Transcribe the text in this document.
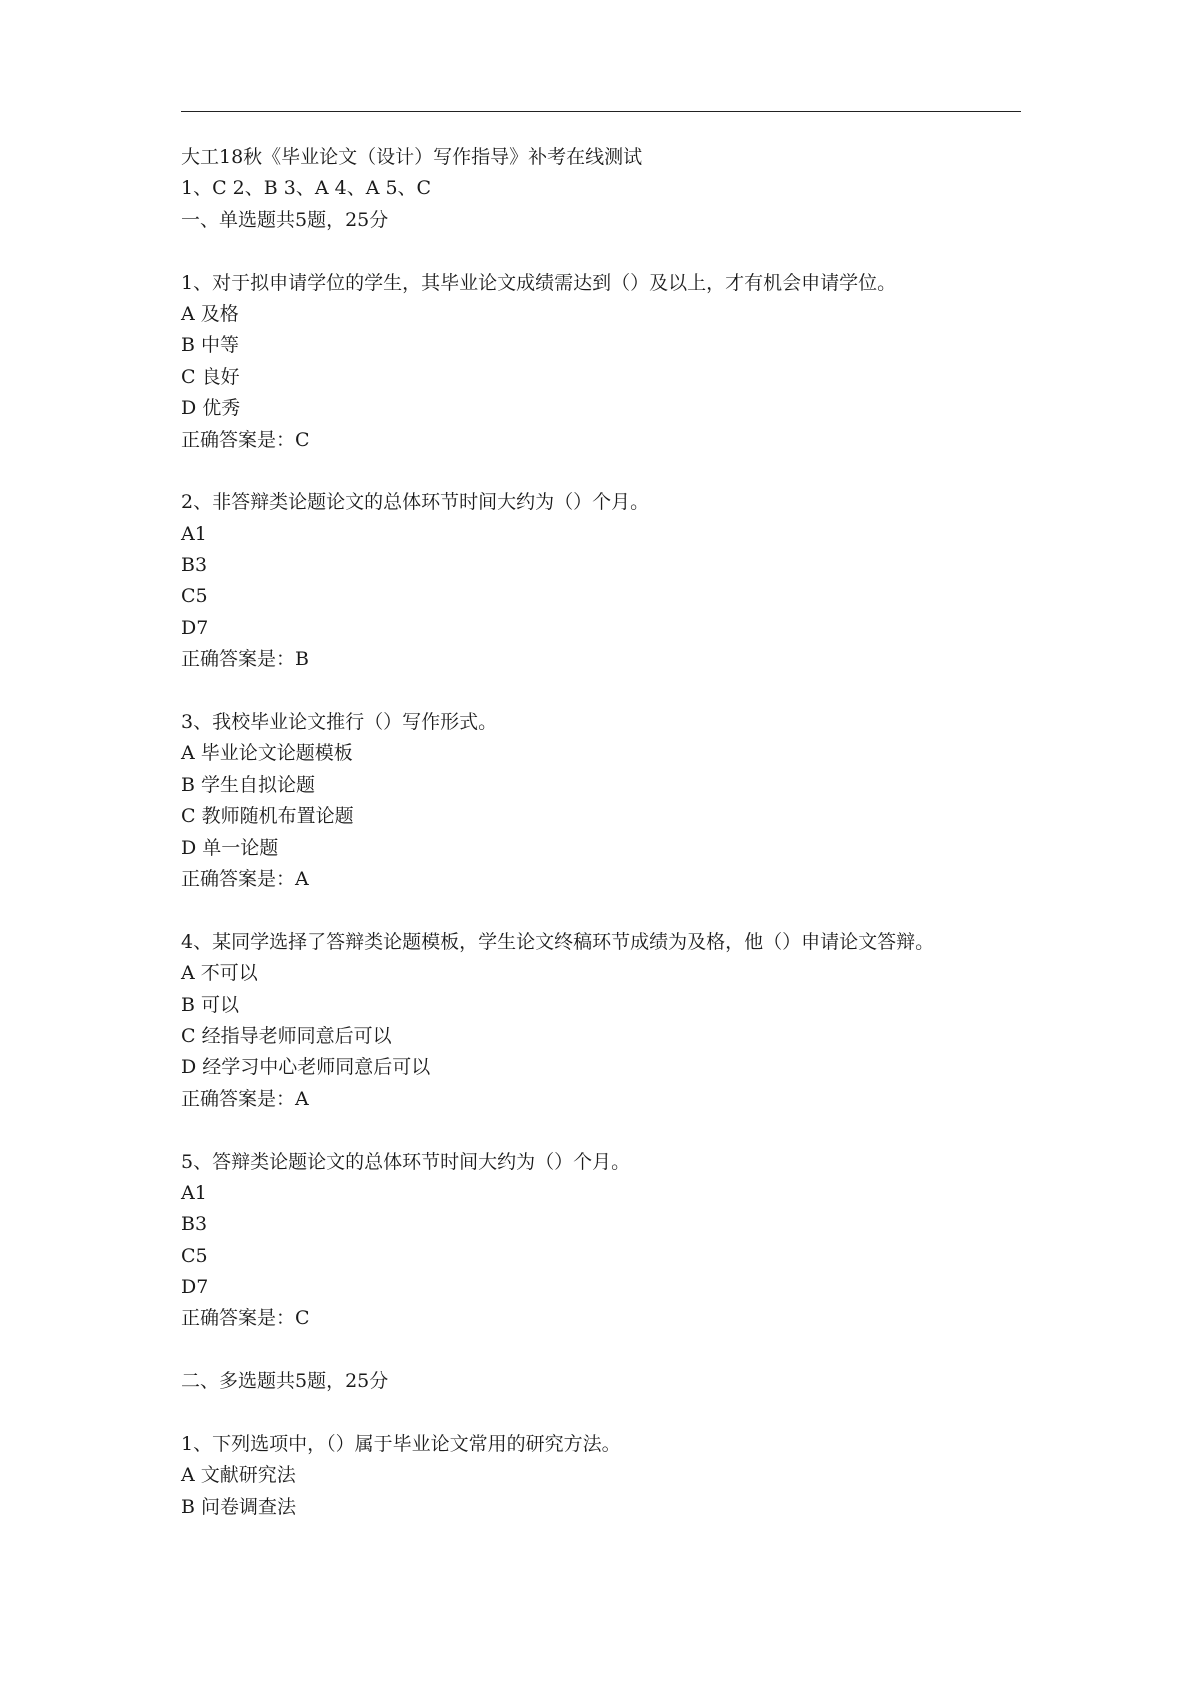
大工18秋《毕业论文（设计）写作指导》补考在线测试
1、C 2、B 3、A 4、A 5、C
一、单选题共5题，25分
1、对于拟申请学位的学生，其毕业论文成绩需达到（）及以上，才有机会申请学位。
A 及格
B 中等
C 良好
D 优秀
正确答案是：C
2、非答辩类论题论文的总体环节时间大约为（）个月。
A1
B3
C5
D7
正确答案是：B
3、我校毕业论文推行（）写作形式。
A 毕业论文论题模板
B 学生自拟论题
C 教师随机布置论题
D 单一论题
正确答案是：A
4、某同学选择了答辩类论题模板，学生论文终稿环节成绩为及格，他（）申请论文答辩。
A 不可以
B 可以
C 经指导老师同意后可以
D 经学习中心老师同意后可以
正确答案是：A
5、答辩类论题论文的总体环节时间大约为（）个月。
A1
B3
C5
D7
正确答案是：C
二、多选题共5题，25分
1、下列选项中，（）属于毕业论文常用的研究方法。
A 文献研究法
B 问卷调查法
